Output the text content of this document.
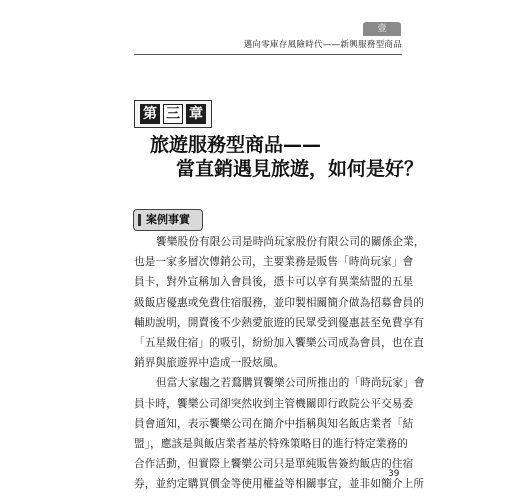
壹
邁向零庫存風險時代——新興服務型商品
第 三 章
旅遊服務型商品——
當直銷遇見旅遊，如何是好？
案例事實
饗樂股份有限公司是時尚玩家股份有限公司的關係企業，
也是一家多層次傳銷公司，主要業務是販售「時尚玩家」會
員卡，對外宣稱加入會員後，憑卡可以享有異業結盟的五星
級飯店優惠或免費住宿服務，並印製相關簡介做為招募會員的
輔助說明，開賣後不少熱愛旅遊的民眾受到優惠甚至免費享有
「五星級住宿」的吸引，紛紛加入饗樂公司成為會員，也在直
銷界與旅遊界中造成一股炫風。
但當大家趨之若鶩購買饗樂公司所推出的「時尚玩家」會
員卡時，饗樂公司卻突然收到主管機關即行政院公平交易委
員會通知，表示饗樂公司在簡介中指稱與知名飯店業者「結
盟」，應該是與飯店業者基於特殊策略目的進行特定業務的
合作活動，但實際上饗樂公司只是單純販售簽約飯店的住宿
券，並約定購買價金等使用權益等相關事宜，並非如簡介上所
39
